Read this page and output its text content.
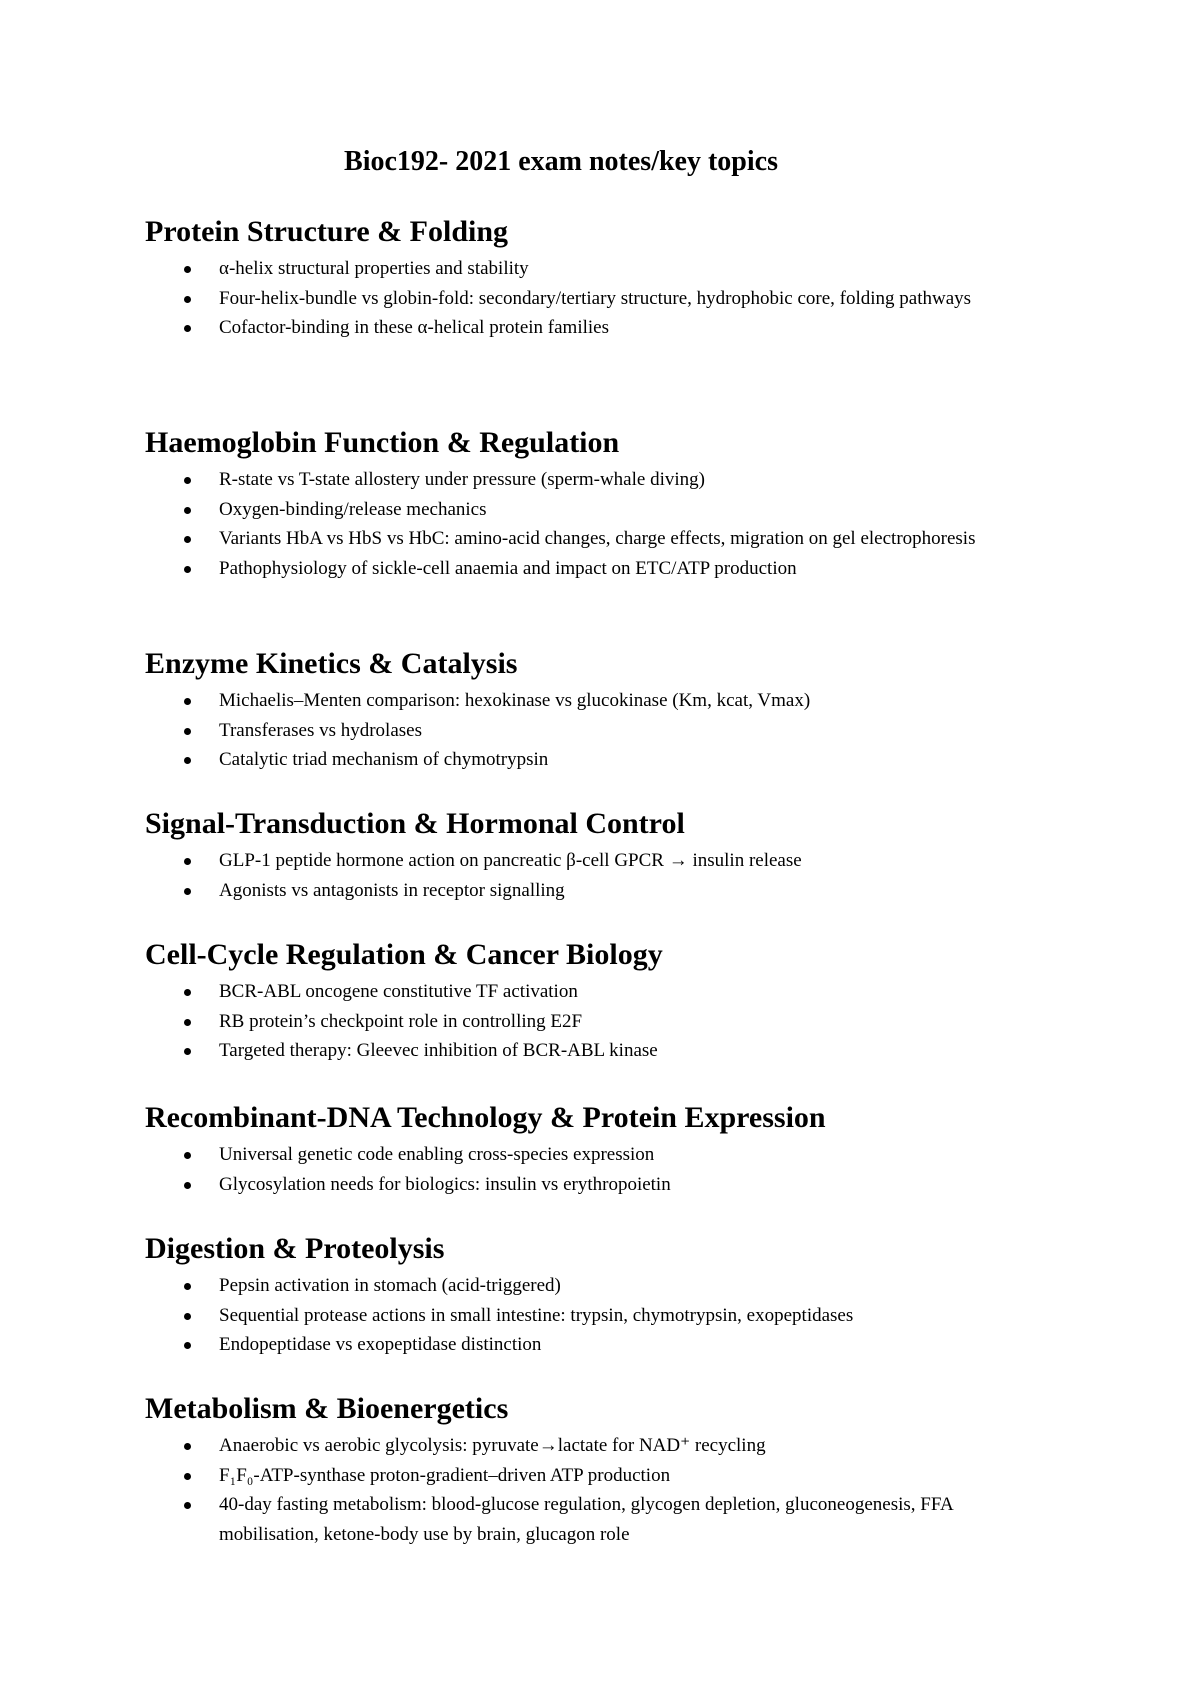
Bioc192- 2021 exam notes/key topics
Protein Structure & Folding
α-helix structural properties and stability
Four-helix-bundle vs globin-fold: secondary/tertiary structure, hydrophobic core, folding pathways
Cofactor-binding in these α-helical protein families
Haemoglobin Function & Regulation
R-state vs T-state allostery under pressure (sperm-whale diving)
Oxygen-binding/release mechanics
Variants HbA vs HbS vs HbC: amino-acid changes, charge effects, migration on gel electrophoresis
Pathophysiology of sickle-cell anaemia and impact on ETC/ATP production
Enzyme Kinetics & Catalysis
Michaelis–Menten comparison: hexokinase vs glucokinase (Km, kcat, Vmax)
Transferases vs hydrolases
Catalytic triad mechanism of chymotrypsin
Signal-Transduction & Hormonal Control
GLP-1 peptide hormone action on pancreatic β-cell GPCR → insulin release
Agonists vs antagonists in receptor signalling
Cell-Cycle Regulation & Cancer Biology
BCR-ABL oncogene constitutive TF activation
RB protein’s checkpoint role in controlling E2F
Targeted therapy: Gleevec inhibition of BCR-ABL kinase
Recombinant-DNA Technology & Protein Expression
Universal genetic code enabling cross-species expression
Glycosylation needs for biologics: insulin vs erythropoietin
Digestion & Proteolysis
Pepsin activation in stomach (acid-triggered)
Sequential protease actions in small intestine: trypsin, chymotrypsin, exopeptidases
Endopeptidase vs exopeptidase distinction
Metabolism & Bioenergetics
Anaerobic vs aerobic glycolysis: pyruvate→lactate for NAD⁺ recycling
F₁F₀-ATP-synthase proton-gradient–driven ATP production
40-day fasting metabolism: blood-glucose regulation, glycogen depletion, gluconeogenesis, FFA mobilisation, ketone-body use by brain, glucagon role
